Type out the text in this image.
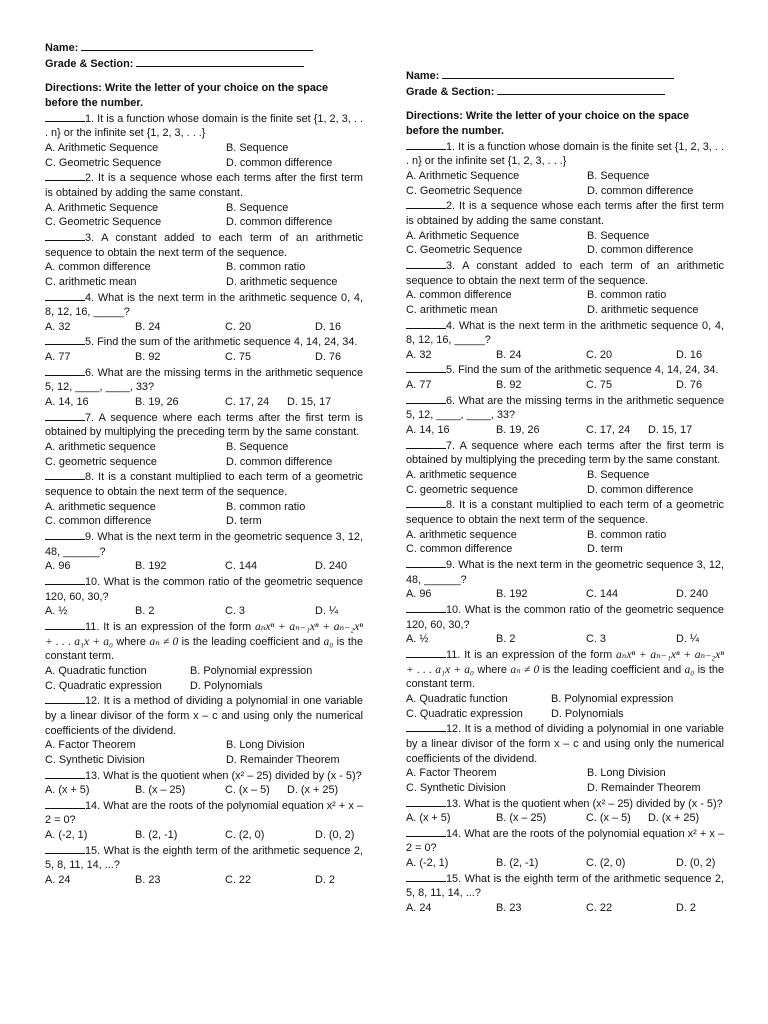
Name:
Grade & Section:
Directions: Write the letter of your choice on the space before the number.
1. It is a function whose domain is the finite set {1, 2, 3, . . . n} or the infinite set {1, 2, 3, . . .}
A. Arithmetic Sequence	B. Sequence
C. Geometric Sequence	D. common difference
2. It is a sequence whose each terms after the first term is obtained by adding the same constant.
A. Arithmetic Sequence	B. Sequence
C. Geometric Sequence	D. common difference
3. A constant added to each term of an arithmetic sequence to obtain the next term of the sequence.
A. common difference	B. common ratio
C. arithmetic mean	D. arithmetic sequence
4. What is the next term in the arithmetic sequence 0, 4, 8, 12, 16, _____?
A. 32	B. 24	C. 20	D. 16
5. Find the sum of the arithmetic sequence 4, 14, 24, 34.
A. 77	B. 92	C. 75	D. 76
6. What are the missing terms in the arithmetic sequence 5, 12, ____, ____, 33?
A. 14, 16	B. 19, 26	C. 17, 24	D. 15, 17
7. A sequence where each terms after the first term is obtained by multiplying the preceding term by the same constant.
A. arithmetic sequence	B. Sequence
C. geometric sequence	D. common difference
8. It is a constant multiplied to each term of a geometric sequence to obtain the next term of the sequence.
A. arithmetic sequence	B. common ratio
C. common difference	D. term
9. What is the next term in the geometric sequence 3, 12, 48, ______?
A. 96	B. 192	C. 144	D. 240
10. What is the common ratio of the geometric sequence 120, 60, 30,?
A. ½	B. 2	C. 3	D. ¼
11. It is an expression of the form aₙxⁿ + aₙ₋₁xⁿ + aₙ₋₂xⁿ + . . . a₁x + a₀ where aₙ ≠ 0 is the leading coefficient and a₀ is the constant term.
A. Quadratic function	B. Polynomial expression
C. Quadratic expression	D. Polynomials
12. It is a method of dividing a polynomial in one variable by a linear divisor of the form x – c and using only the numerical coefficients of the dividend.
A. Factor Theorem	B. Long Division
C. Synthetic Division	D. Remainder Theorem
13. What is the quotient when (x² – 25) divided by (x - 5)?
A. (x + 5)	B. (x – 25)	C. (x – 5)	D. (x + 25)
14. What are the roots of the polynomial equation x² + x – 2 = 0?
A. (-2, 1)	B. (2, -1)	C. (2, 0)	D. (0, 2)
15. What is the eighth term of the arithmetic sequence 2, 5, 8, 11, 14, ...?
A. 24	B. 23	C. 22	D. 2
Name:
Grade & Section:
Directions: Write the letter of your choice on the space before the number.
1. It is a function whose domain is the finite set {1, 2, 3, . . . n} or the infinite set {1, 2, 3, . . .}
A. Arithmetic Sequence	B. Sequence
C. Geometric Sequence	D. common difference
2. It is a sequence whose each terms after the first term is obtained by adding the same constant.
A. Arithmetic Sequence	B. Sequence
C. Geometric Sequence	D. common difference
3. A constant added to each term of an arithmetic sequence to obtain the next term of the sequence.
A. common difference	B. common ratio
C. arithmetic mean	D. arithmetic sequence
4. What is the next term in the arithmetic sequence 0, 4, 8, 12, 16, _____?
A. 32	B. 24	C. 20	D. 16
5. Find the sum of the arithmetic sequence 4, 14, 24, 34.
A. 77	B. 92	C. 75	D. 76
6. What are the missing terms in the arithmetic sequence 5, 12, ____, ____, 33?
A. 14, 16	B. 19, 26	C. 17, 24	D. 15, 17
7. A sequence where each terms after the first term is obtained by multiplying the preceding term by the same constant.
A. arithmetic sequence	B. Sequence
C. geometric sequence	D. common difference
8. It is a constant multiplied to each term of a geometric sequence to obtain the next term of the sequence.
A. arithmetic sequence	B. common ratio
C. common difference	D. term
9. What is the next term in the geometric sequence 3, 12, 48, ______?
A. 96	B. 192	C. 144	D. 240
10. What is the common ratio of the geometric sequence 120, 60, 30,?
A. ½	B. 2	C. 3	D. ¼
11. It is an expression of the form aₙxⁿ + aₙ₋₁xⁿ + aₙ₋₂xⁿ + . . . a₁x + a₀ where aₙ ≠ 0 is the leading coefficient and a₀ is the constant term.
A. Quadratic function	B. Polynomial expression
C. Quadratic expression	D. Polynomials
12. It is a method of dividing a polynomial in one variable by a linear divisor of the form x – c and using only the numerical coefficients of the dividend.
A. Factor Theorem	B. Long Division
C. Synthetic Division	D. Remainder Theorem
13. What is the quotient when (x² – 25) divided by (x - 5)?
A. (x + 5)	B. (x – 25)	C. (x – 5)	D. (x + 25)
14. What are the roots of the polynomial equation x² + x – 2 = 0?
A. (-2, 1)	B. (2, -1)	C. (2, 0)	D. (0, 2)
15. What is the eighth term of the arithmetic sequence 2, 5, 8, 11, 14, ...?
A. 24	B. 23	C. 22	D. 2
